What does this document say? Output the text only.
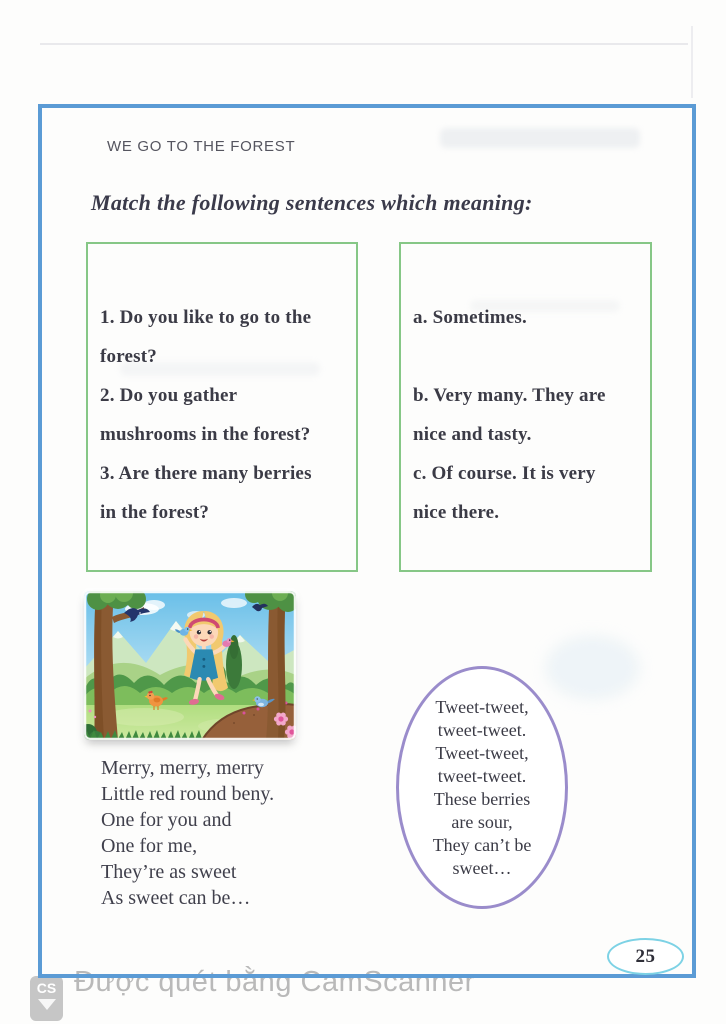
WE GO TO THE FOREST
Match the following sentences which meaning:
1. Do you like to go to the
forest?
2. Do you gather
mushrooms in the forest?
3. Are there many berries
in the forest?
a. Sometimes.
b. Very many. They are
nice and tasty.
c. Of course. It is very
nice there.
Merry, merry, merry
Little red round beny.
One for you and
One for me,
They’re as sweet
As sweet can be…
Tweet-tweet,
tweet-tweet.
Tweet-tweet,
tweet-tweet.
These berries
are sour,
They can’t be
sweet…
25
CS Được quét bằng CamScanner
